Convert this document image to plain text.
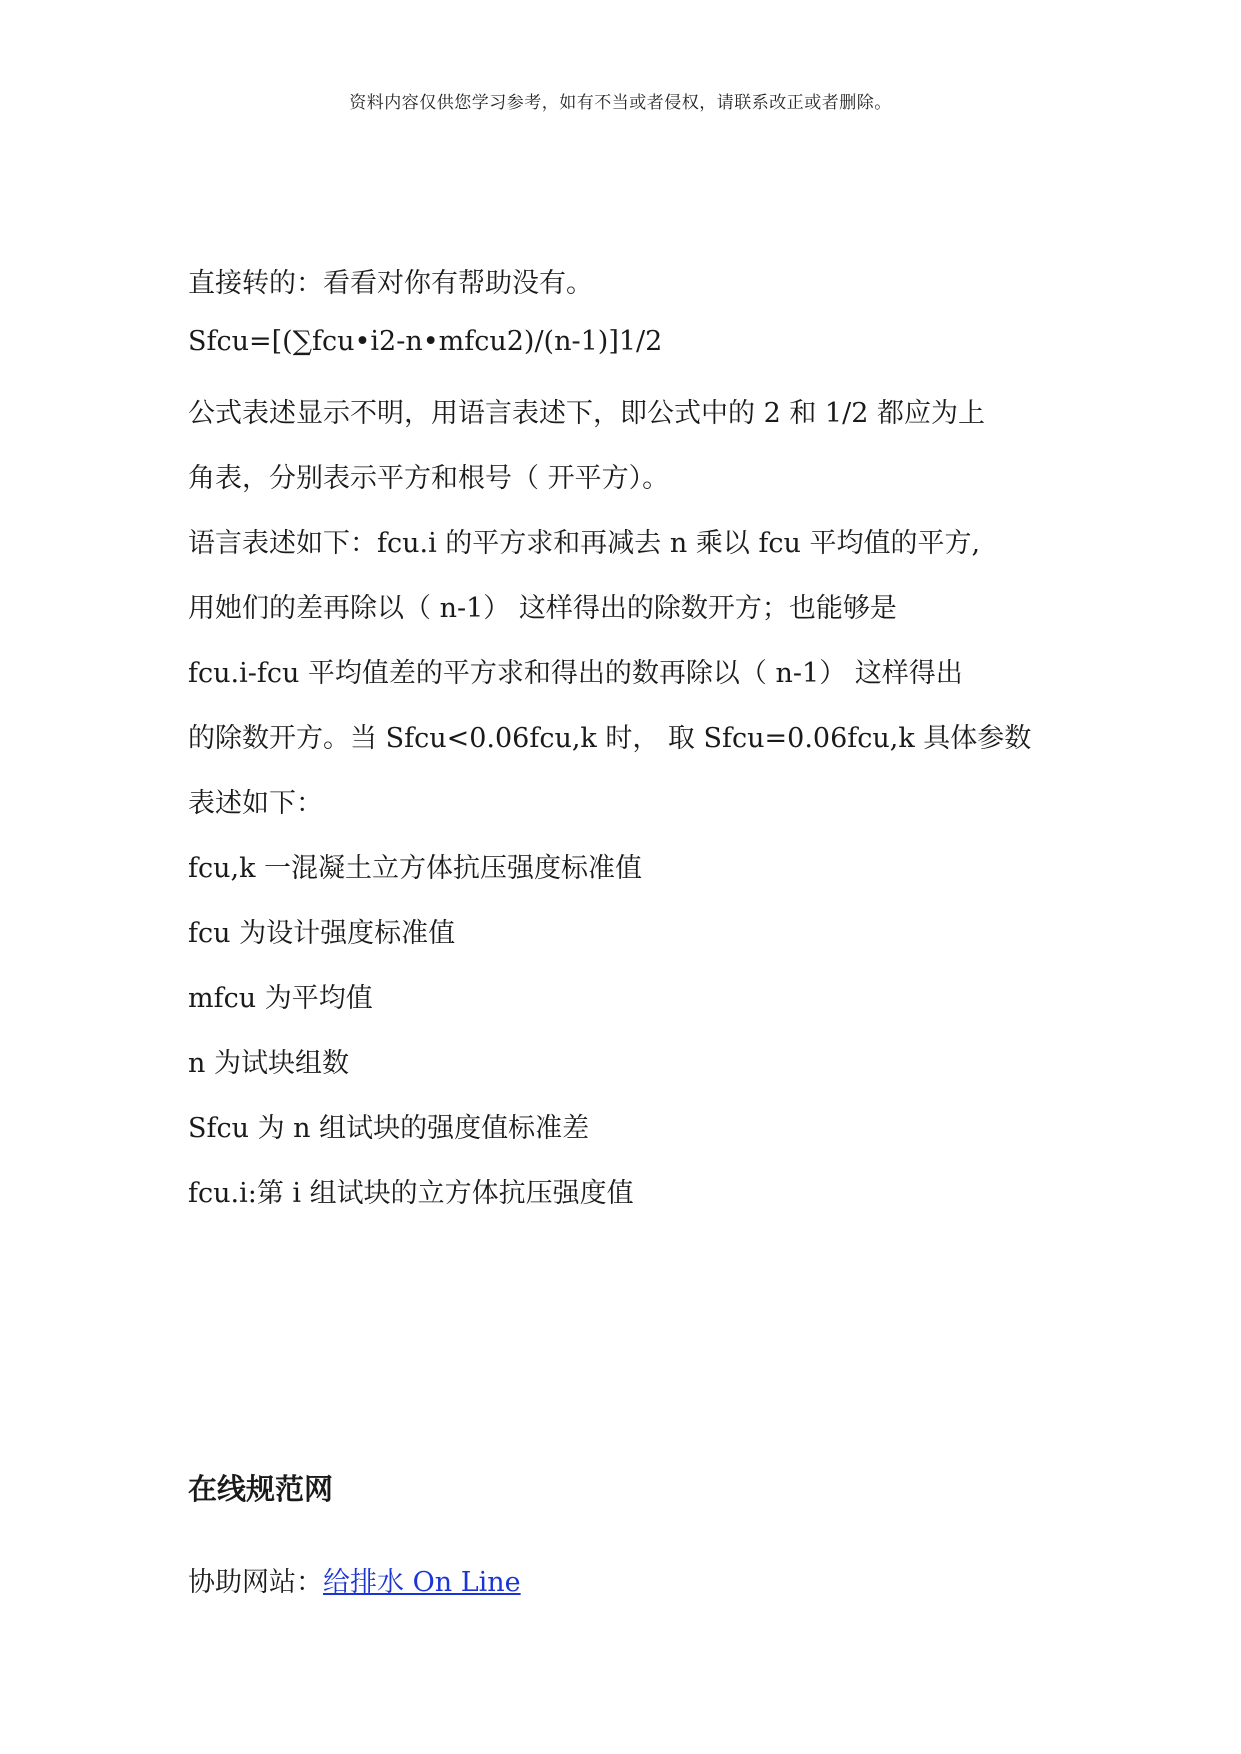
资料内容仅供您学习参考，如有不当或者侵权，请联系改正或者删除。
直接转的：看看对你有帮助没有。
Sfcu=[(∑fcu•i2-n•mfcu2)/(n-1)]1/2
公式表述显示不明，用语言表述下，即公式中的 2 和 1/2 都应为上
角表，分别表示平方和根号（ 开平方）。
语言表述如下：fcu.i 的平方求和再减去 n 乘以 fcu 平均值的平方,
用她们的差再除以（ n-1） 这样得出的除数开方；也能够是
fcu.i-fcu 平均值差的平方求和得出的数再除以（ n-1） 这样得出
的除数开方。当 Sfcu<0.06fcu,k 时， 取 Sfcu=0.06fcu,k 具体参数
表述如下：
fcu,k 一混凝土立方体抗压强度标准值
fcu 为设计强度标准值
mfcu 为平均值
n 为试块组数
Sfcu 为 n 组试块的强度值标准差
fcu.i:第 i 组试块的立方体抗压强度值
在线规范网
协助网站：给排水 On Line
